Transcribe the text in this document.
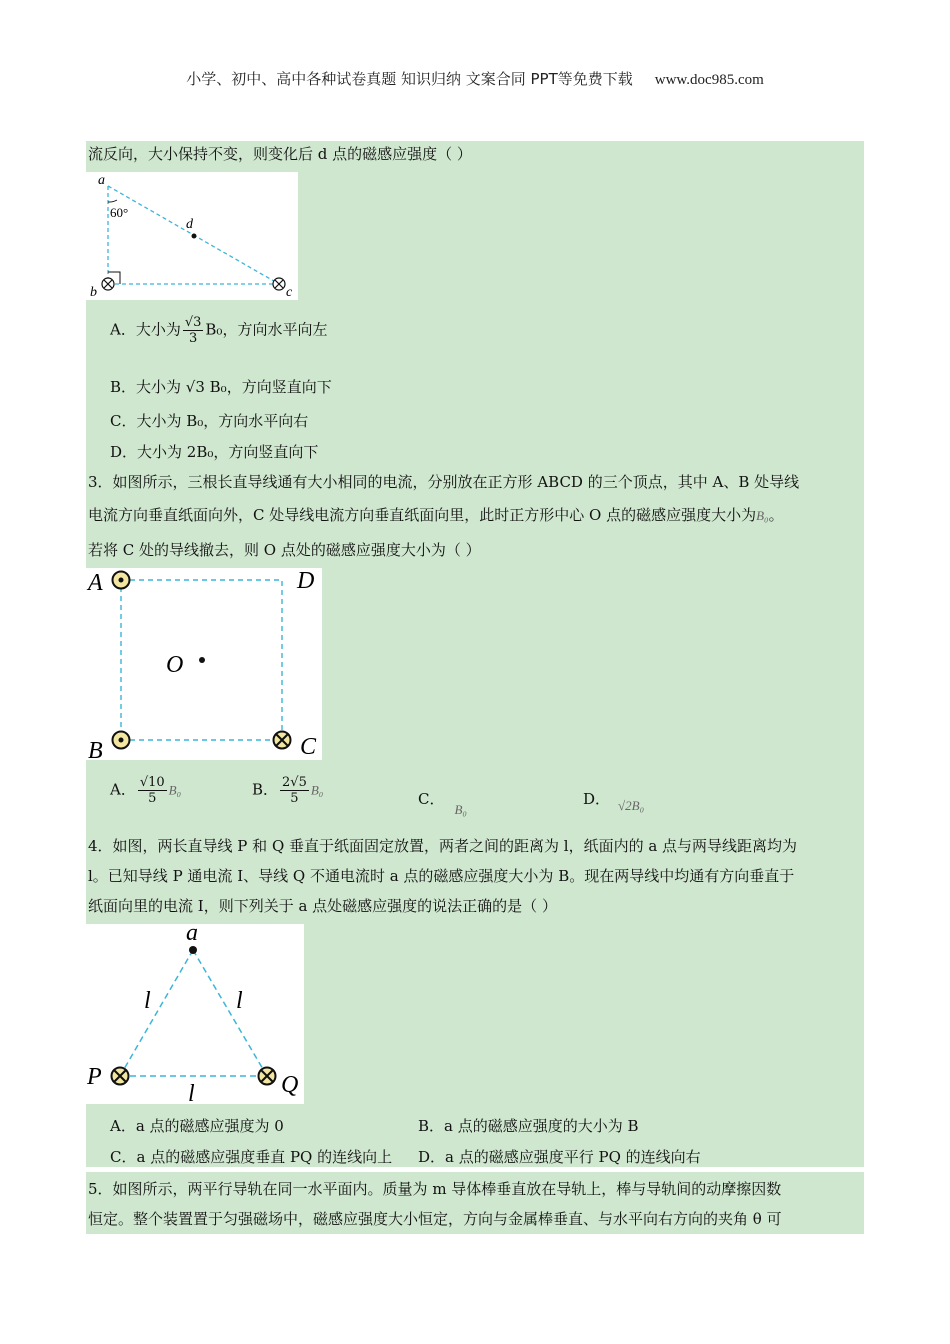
小学、初中、高中各种试卷真题 知识归纳 文案合同 PPT等免费下载 www.doc985.com
流反向，大小保持不变，则变化后 d 点的磁感应强度（ ）
a
60°
d
b	c
A．大小为 $\frac{√3}{3} B_0$，方向水平向左
B．大小为 √3 B₀，方向竖直向下
C．大小为 B₀，方向水平向右
D．大小为 2B₀，方向竖直向下
3．如图所示，三根长直导线通有大小相同的电流，分别放在正方形 ABCD 的三个顶点，其中 A、B 处导线
电流方向垂直纸面向外，C 处导线电流方向垂直纸面向里，此时正方形中心 O 点的磁感应强度大小为B₀。
若将 C 处的导线撤去，则 O 点处的磁感应强度大小为（ ）
A	D
O
B	C
A． $\frac{√10}{5} B_0$	B． $\frac{2√5}{5} B_0$	C．B₀
D． √2B₀
4．如图，两长直导线 P 和 Q 垂直于纸面固定放置，两者之间的距离为 l，纸面内的 a 点与两导线距离均为
l。已知导线 P 通电流 I、导线 Q 不通电流时 a 点的磁感应强度大小为 B。现在两导线中均通有方向垂直于
纸面向里的电流 I，则下列关于 a 点处磁感应强度的说法正确的是（ ）
a
l	l
P	Q
l
A．a 点的磁感应强度为 0	B．a 点的磁感应强度的大小为 B
C．a 点的磁感应强度垂直 PQ 的连线向上 D．a 点的磁感应强度平行 PQ 的连线向右
5．如图所示，两平行导轨在同一水平面内。质量为 m 导体棒垂直放在导轨上，棒与导轨间的动摩擦因数
恒定。整个装置置于匀强磁场中，磁感应强度大小恒定，方向与金属棒垂直、与水平向右方向的夹角 θ 可
